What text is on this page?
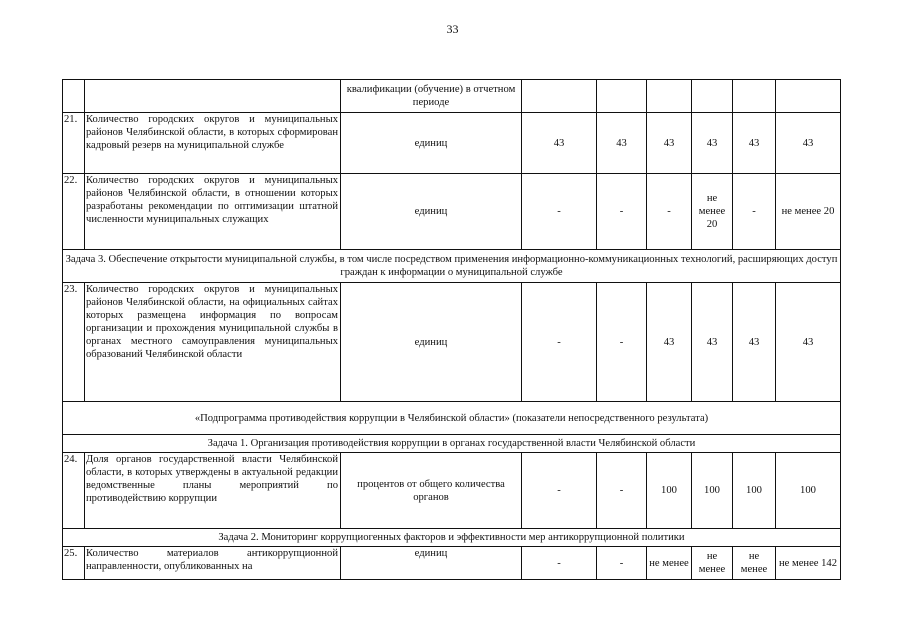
33
		квалификации (обучение) в отчетном периоде						
21.	Количество городских округов и муниципальных районов Челябинской области, в которых сформирован кадровый резерв на муниципальной службе	единиц	43	43	43	43	43	43
22.	Количество городских округов и муниципальных районов Челябинской области, в отношении которых разработаны рекомендации по оптимизации штатной численности муниципальных служащих	единиц	-	-	-	не менее 20	-	не менее 20
Задача 3. Обеспечение открытости муниципальной службы, в том числе посредством применения информационно-коммуникационных технологий, расширяющих доступ граждан к информации о муниципальной службе								
23.	Количество городских округов и муниципальных районов Челябинской области, на официальных сайтах которых размещена информация по вопросам организации и прохождения муниципальной службы в органах местного самоуправления муниципальных образований Челябинской области	единиц	-	-	43	43	43	43
«Подпрограмма противодействия коррупции в Челябинской области» (показатели непосредственного результата)								
Задача 1. Организация противодействия коррупции в органах государственной власти Челябинской области								
24.	Доля органов государственной власти Челябинской области, в которых утверждены в актуальной редакции ведомственные планы мероприятий по противодействию коррупции	процентов от общего количества органов	-	-	100	100	100	100
Задача 2. Мониторинг коррупциогенных факторов и эффективности мер антикоррупционной политики								
25.	Количество материалов антикоррупционной направленности, опубликованных на	единиц	-	-	не менее	не менее	не менее	не менее 142
